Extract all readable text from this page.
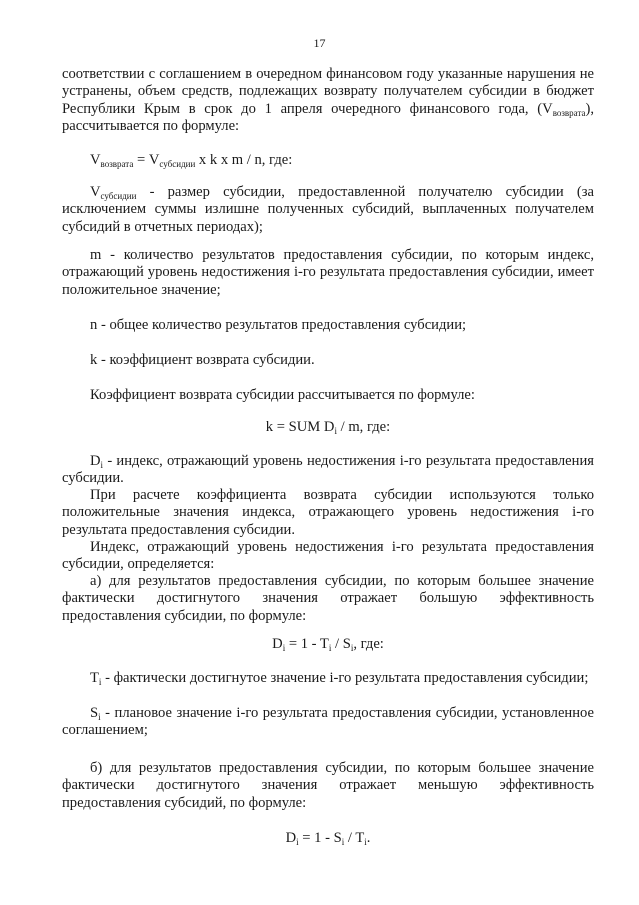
17
соответствии с соглашением в очередном финансовом году указанные нарушения не устранены, объем средств, подлежащих возврату получателем субсидии в бюджет Республики Крым в срок до 1 апреля очередного финансового года, $(V_{возврата})$, рассчитывается по формуле:
$V_{возврата} = V_{субсидии}$ x k x m / n, где:
$V_{субсидии}$ - размер субсидии, предоставленной получателю субсидии (за исключением суммы излишне полученных субсидий, выплаченных получателем субсидий в отчетных периодах);
m - количество результатов предоставления субсидии, по которым индекс, отражающий уровень недостижения i-го результата предоставления субсидии, имеет положительное значение;
n - общее количество результатов предоставления субсидии;
k - коэффициент возврата субсидии.
Коэффициент возврата субсидии рассчитывается по формуле:
k = SUM $D_i$ / m, где:
$D_i$ - индекс, отражающий уровень недостижения i-го результата предоставления субсидии.
При расчете коэффициента возврата субсидии используются только положительные значения индекса, отражающего уровень недостижения i-го результата предоставления субсидии.
Индекс, отражающий уровень недостижения i-го результата предоставления субсидии, определяется:
а) для результатов предоставления субсидии, по которым большее значение фактически достигнутого значения отражает большую эффективность предоставления субсидии, по формуле:
$D_i = 1 - T_i / S_i$, где:
$T_i$ - фактически достигнутое значение i-го результата предоставления субсидии;
$S_i$ - плановое значение i-го результата предоставления субсидии, установленное соглашением;
б) для результатов предоставления субсидии, по которым большее значение фактически достигнутого значения отражает меньшую эффективность предоставления субсидий, по формуле:
$D_i = 1 - S_i / T_i$.
